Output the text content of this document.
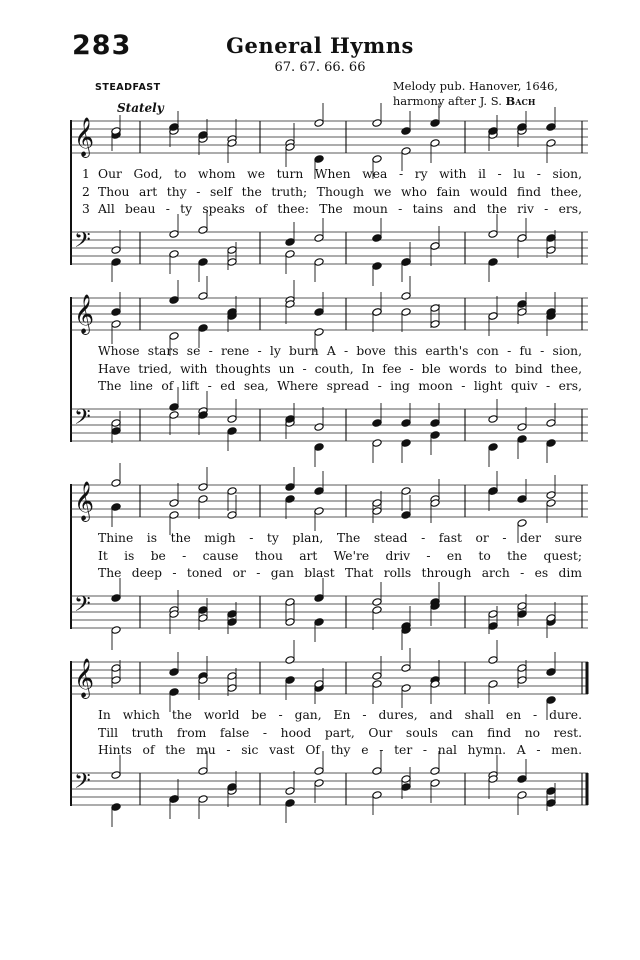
283	General Hymns
67. 67. 66. 66
STEADFAST	Melody pub. Hanover, 1646,
harmony after J. S. Bach
Stately
𝄞
1 Our God, to whom we turn When wea - ry with il - lu - sion,
2 Thou art thy - self the truth; Though we who fain would find thee,
3 All beau - ty speaks of thee: The moun - tains and the riv - ers,
𝄢
𝄞
Whose stars se - rene - ly burn A - bove this earth's con - fu - sion,
Have tried, with thoughts un - couth, In fee - ble words to bind thee,
The line of lift - ed sea, Where spread - ing moon - light quiv - ers,
𝄢
𝄞
Thine is the migh - ty plan, The stead - fast or - der sure
It is be - cause thou art We're driv - en to the quest;
The deep - toned or - gan blast That rolls through arch - es dim
𝄢
𝄞
In which the world be - gan, En - dures, and shall en - dure.
Till truth from false - hood part, Our souls can find no rest.
Hints of the mu - sic vast Of thy e - ter - nal hymn. A - men.
𝄢
